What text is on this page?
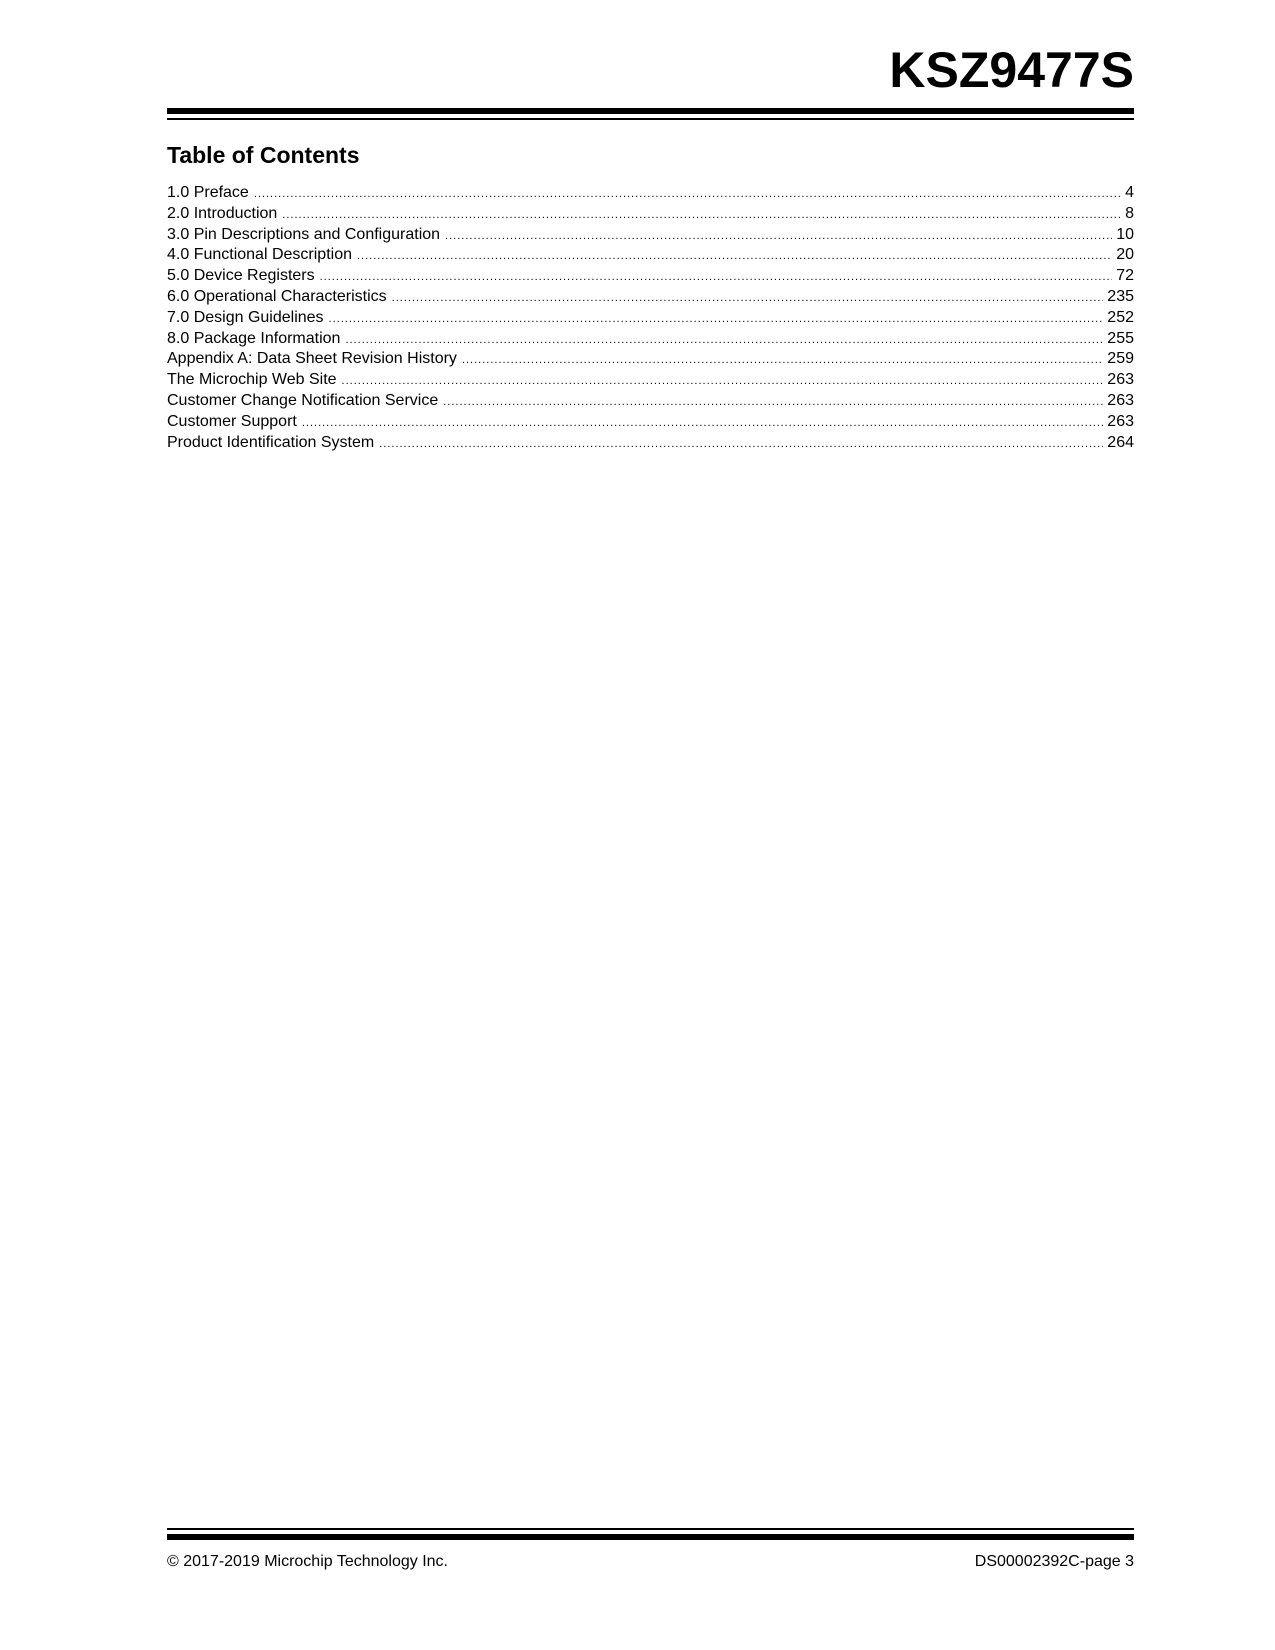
KSZ9477S
Table of Contents
1.0 Preface .....	4
2.0 Introduction .....	8
3.0 Pin Descriptions and Configuration .....	10
4.0 Functional Description .....	20
5.0 Device Registers .....	72
6.0 Operational Characteristics .....	235
7.0 Design Guidelines .....	252
8.0 Package Information .....	255
Appendix A: Data Sheet Revision History .....	259
The Microchip Web Site .....	263
Customer Change Notification Service .....	263
Customer Support .....	263
Product Identification System .....	264
© 2017-2019 Microchip Technology Inc.	DS00002392C-page 3
